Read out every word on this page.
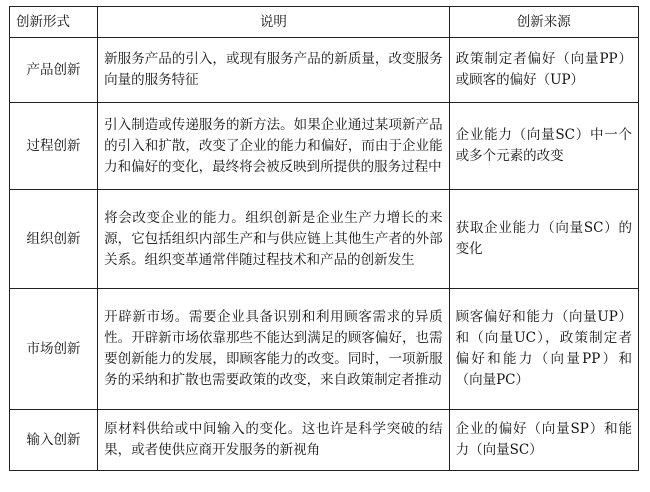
创新形式	说明	创新来源
产品创新	新服务产品的引入，或现有服务产品的新质量，改变服务向量的服务特征	政策制定者偏好（向量PP）或顾客的偏好（UP）
过程创新	引入制造或传递服务的新方法。如果企业通过某项新产品的引入和扩散，改变了企业的能力和偏好，而由于企业能力和偏好的变化，最终将会被反映到所提供的服务过程中	企业能力（向量SC）中一个或多个元素的改变
组织创新	将会改变企业的能力。组织创新是企业生产力增长的来源，它包括组织内部生产和与供应链上其他生产者的外部关系。组织变革通常伴随过程技术和产品的创新发生	获取企业能力（向量SC）的变化
市场创新	开辟新市场。需要企业具备识别和利用顾客需求的异质性。开辟新市场依靠那些不能达到满足的顾客偏好，也需要创新能力的发展，即顾客能力的改变。同时，一项新服务的采纳和扩散也需要政策的改变，来自政策制定者推动	顾客偏好和能力（向量UP）和（向量UC），政策制定者偏好和能力（向量PP）和（向量PC）
输入创新	原材料供给或中间输入的变化。这也许是科学突破的结果，或者使供应商开发服务的新视角	企业的偏好（向量SP）和能力（向量SC）
